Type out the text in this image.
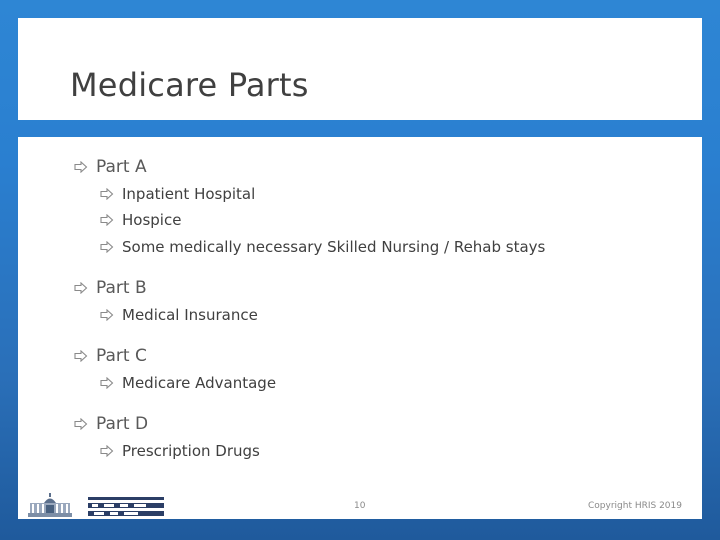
Medicare Parts
Part A
Inpatient Hospital
Hospice
Some medically necessary Skilled Nursing / Rehab stays
Part B
Medical Insurance
Part C
Medicare Advantage
Part D
Prescription Drugs
10	Copyright HRIS 2019
